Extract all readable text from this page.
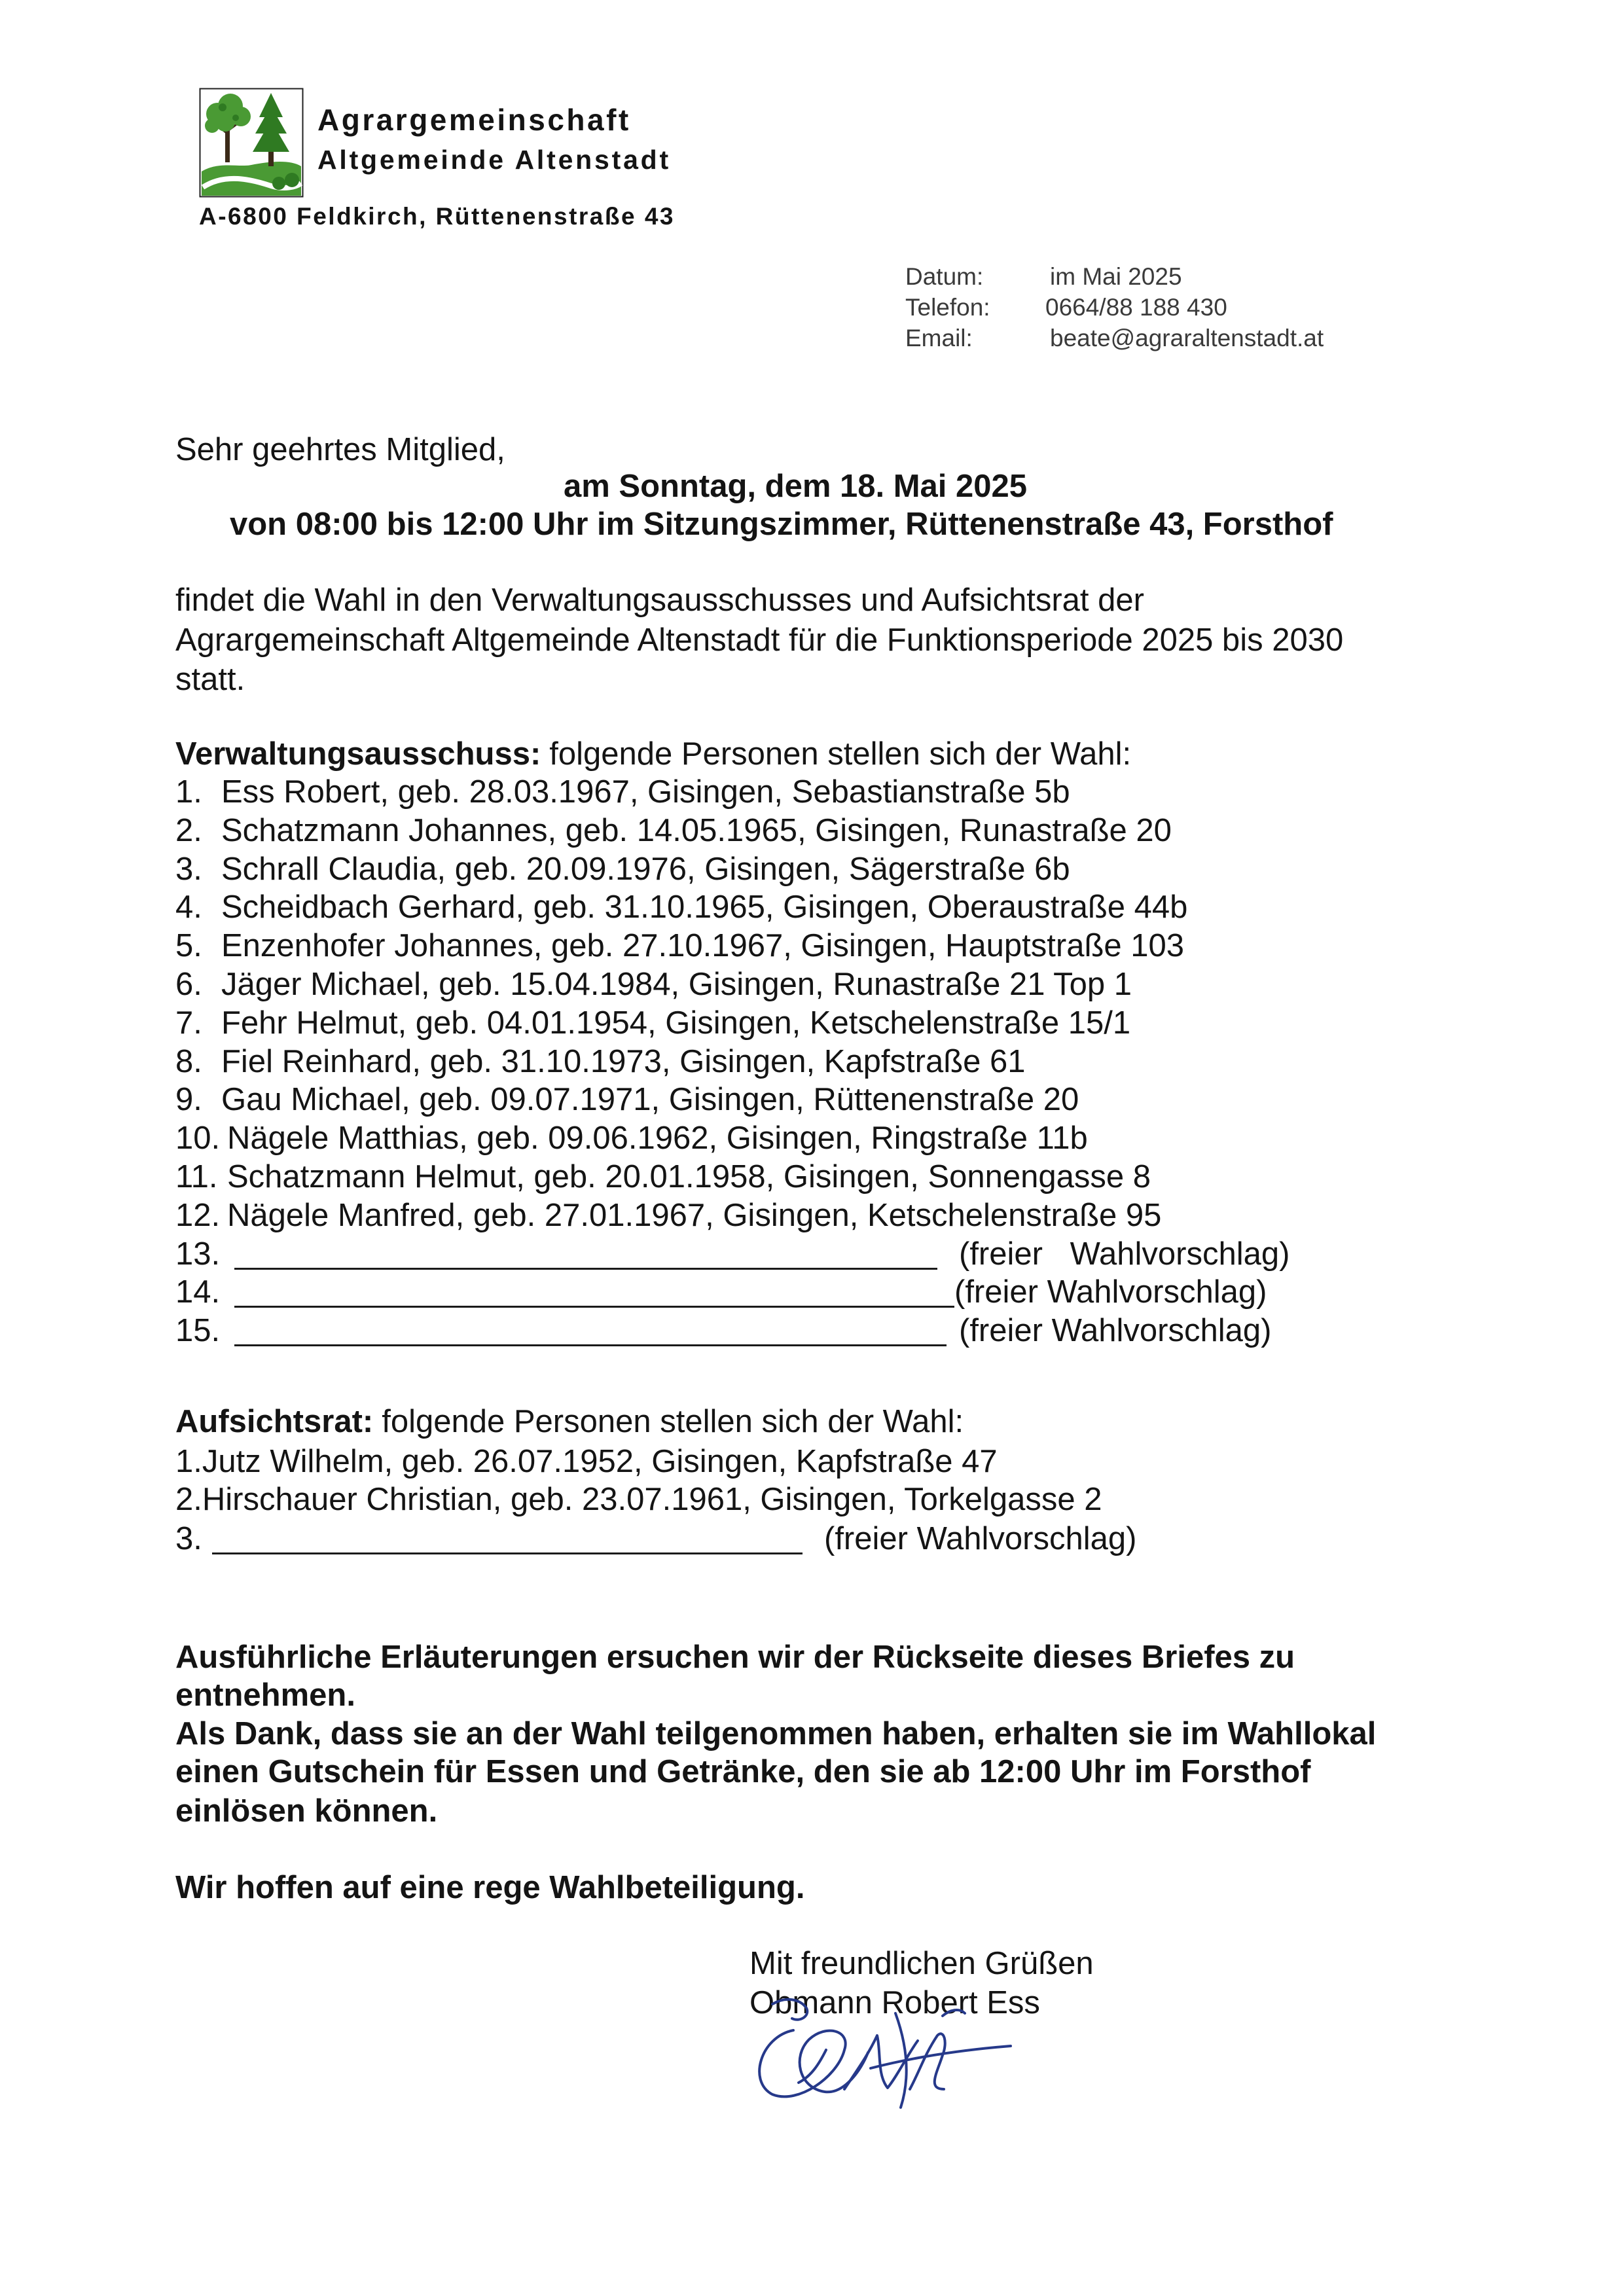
Agrargemeinschaft
Altgemeinde Altenstadt
A-6800 Feldkirch, Rüttenenstraße 43
Datum:	im Mai 2025
Telefon: 0664/88 188 430
Email:	beate@agraraltenstadt.at
Sehr geehrtes Mitglied,
am Sonntag, dem 18. Mai 2025
von 08:00 bis 12:00 Uhr im Sitzungszimmer, Rüttenenstraße 43, Forsthof
findet die Wahl in den Verwaltungsausschusses und Aufsichtsrat der
Agrargemeinschaft Altgemeinde Altenstadt für die Funktionsperiode 2025 bis 2030
statt.
Verwaltungsausschuss: folgende Personen stellen sich der Wahl:
1. Ess Robert, geb. 28.03.1967, Gisingen, Sebastianstraße 5b
2. Schatzmann Johannes, geb. 14.05.1965, Gisingen, Runastraße 20
3. Schrall Claudia, geb. 20.09.1976, Gisingen, Sägerstraße 6b
4. Scheidbach Gerhard, geb. 31.10.1965, Gisingen, Oberaustraße 44b
5. Enzenhofer Johannes, geb. 27.10.1967, Gisingen, Hauptstraße 103
6. Jäger Michael, geb. 15.04.1984, Gisingen, Runastraße 21 Top 1
7. Fehr Helmut, geb. 04.01.1954, Gisingen, Ketschelenstraße 15/1
8. Fiel Reinhard, geb. 31.10.1973, Gisingen, Kapfstraße 61
9. Gau Michael, geb. 09.07.1971, Gisingen, Rüttenenstraße 20
10. Nägele Matthias, geb. 09.06.1962, Gisingen, Ringstraße 11b
11. Schatzmann Helmut, geb. 20.01.1958, Gisingen, Sonnengasse 8
12. Nägele Manfred, geb. 27.01.1967, Gisingen, Ketschelenstraße 95
13.	(freier Wahlvorschlag)
14.	(freier Wahlvorschlag)
15.	(freier Wahlvorschlag)
Aufsichtsrat: folgende Personen stellen sich der Wahl:
1.Jutz Wilhelm, geb. 26.07.1952, Gisingen, Kapfstraße 47
2.Hirschauer Christian, geb. 23.07.1961, Gisingen, Torkelgasse 2
3.	(freier Wahlvorschlag)
Ausführliche Erläuterungen ersuchen wir der Rückseite dieses Briefes zu
entnehmen.
Als Dank, dass sie an der Wahl teilgenommen haben, erhalten sie im Wahllokal
einen Gutschein für Essen und Getränke, den sie ab 12:00 Uhr im Forsthof
einlösen können.
Wir hoffen auf eine rege Wahlbeteiligung.
Mit freundlichen Grüßen
Obmann Robert Ess
